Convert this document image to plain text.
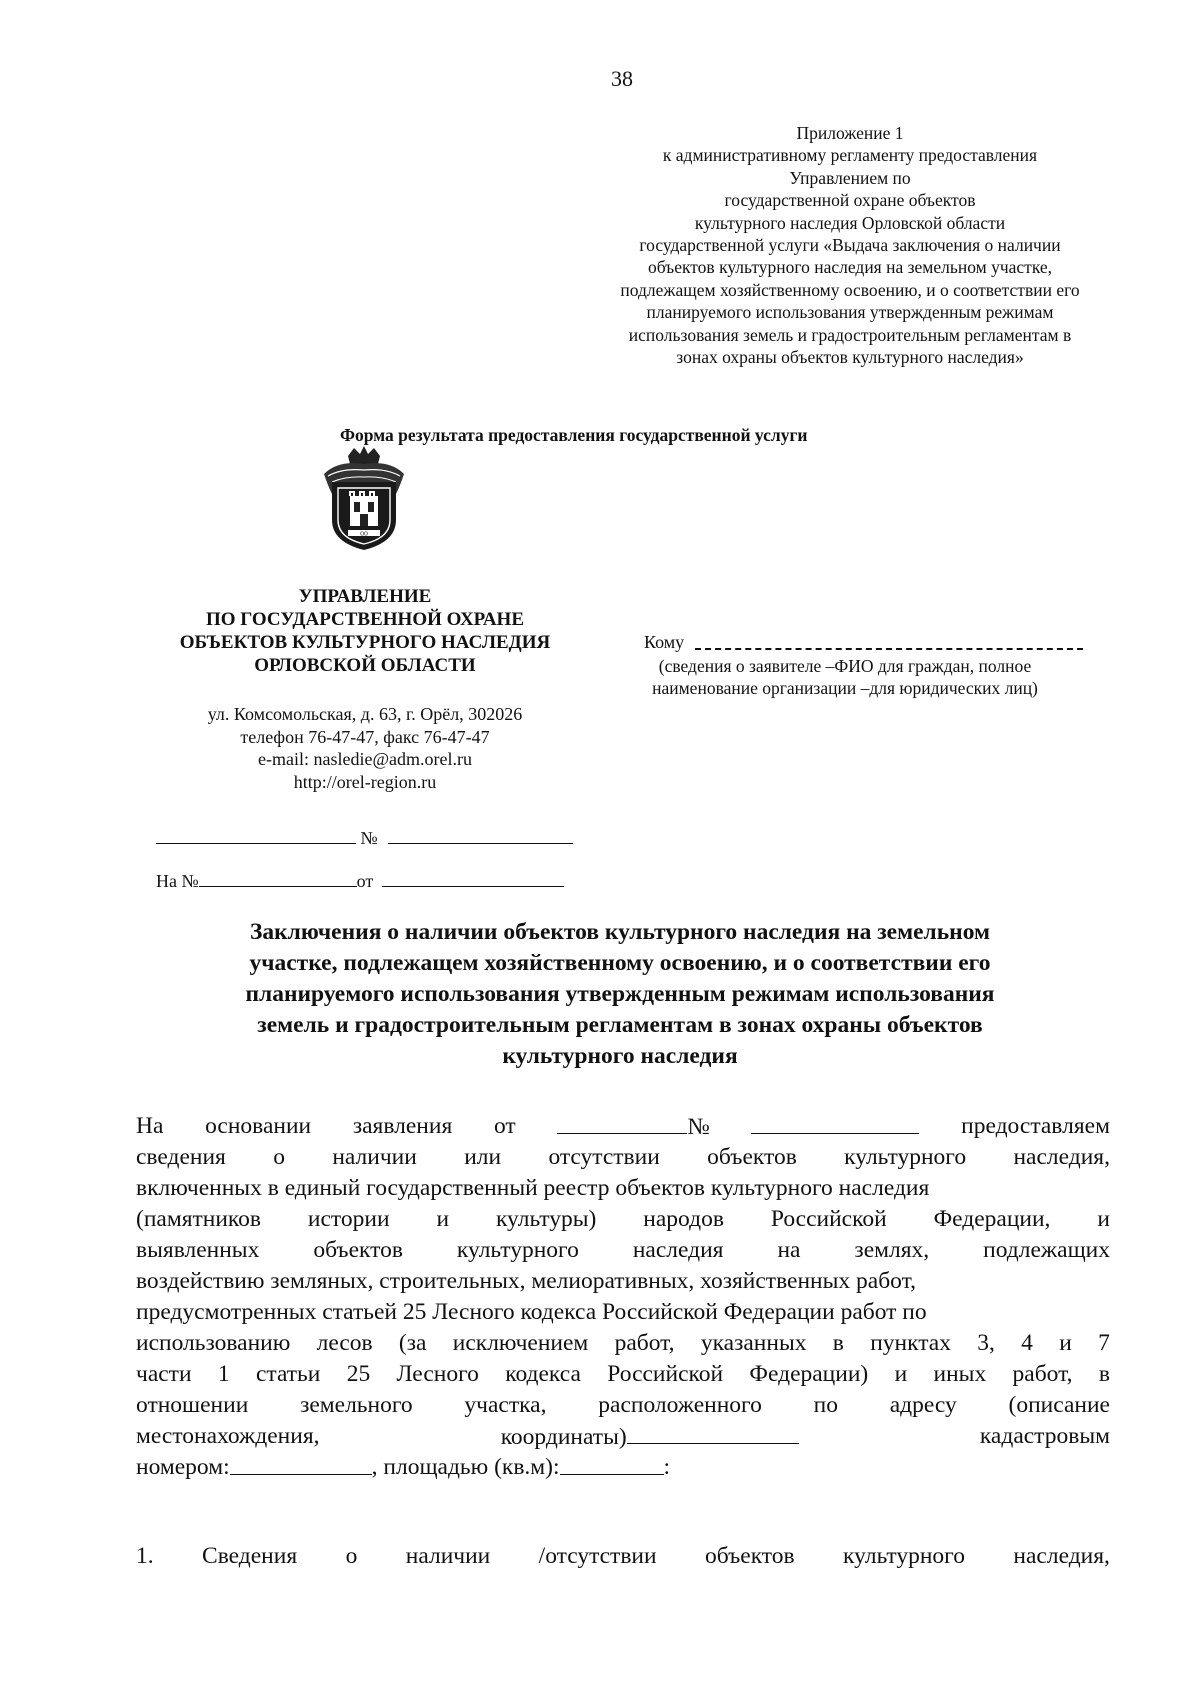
38
Приложение 1
к административному регламенту предоставления
Управлением по
государственной охране объектов
культурного наследия Орловской области
государственной услуги «Выдача заключения о наличии
объектов культурного наследия на земельном участке,
подлежащем хозяйственному освоению, и о соответствии его
планируемого использования утвержденным режимам
использования земель и градостроительным регламентам в
зонах охраны объектов культурного наследия»
Форма результата предоставления государственной услуги
ОО
УПРАВЛЕНИЕ
ПО ГОСУДАРСТВЕННОЙ ОХРАНЕ
ОБЪЕКТОВ КУЛЬТУРНОГО НАСЛЕДИЯ
ОРЛОВСКОЙ ОБЛАСТИ
ул. Комсомольская, д. 63, г. Орёл, 302026
телефон 76-47-47, факс 76-47-47
e-mail: nasledie@adm.orel.ru
http://orel-region.ru
№
На №	от
Кому
(сведения о заявителе –ФИО для граждан, полное
наименование организации –для юридических лиц)
Заключения о наличии объектов культурного наследия на земельном
участке, подлежащем хозяйственному освоению, и о соответствии его
планируемого использования утвержденным режимам использования
земель и градостроительным регламентам в зонах охраны объектов
культурного наследия
На основании заявления от	№	предоставляем
сведения о наличии или отсутствии объектов культурного наследия,
включенных в единый государственный реестр объектов культурного наследия
(памятников истории и культуры) народов Российской Федерации, и
выявленных объектов культурного наследия на землях, подлежащих
воздействию земляных, строительных, мелиоративных, хозяйственных работ,
предусмотренных статьей 25 Лесного кодекса Российской Федерации работ по
использованию лесов (за исключением работ, указанных в пунктах 3, 4 и 7
части 1 статьи 25 Лесного кодекса Российской Федерации) и иных работ, в
отношении земельного участка, расположенного по адресу (описание
местонахождения,	координаты)	кадастровым
номером:	, площадью (кв.м):	:
1. Сведения о наличии /отсутствии объектов культурного наследия,
